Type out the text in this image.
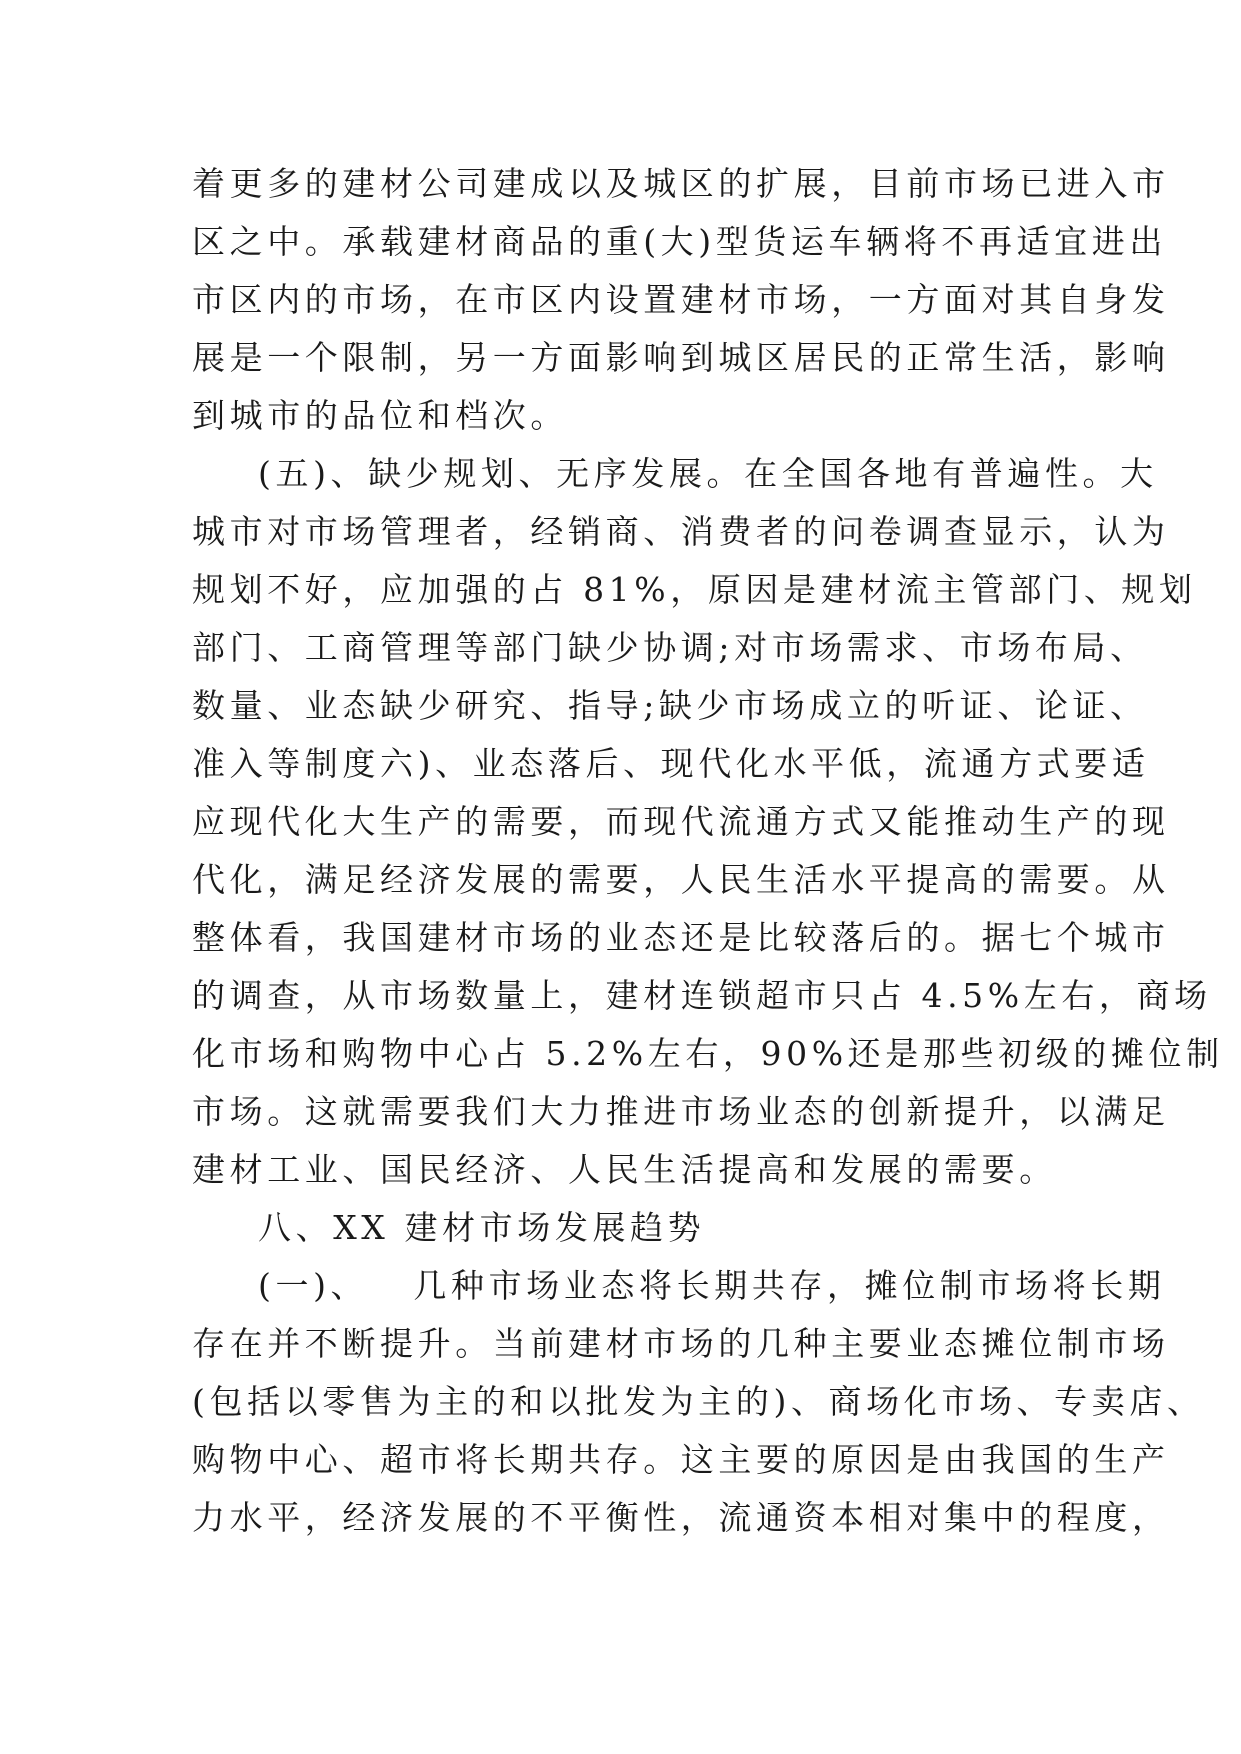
着更多的建材公司建成以及城区的扩展，目前市场已进入市
区之中。承载建材商品的重(大)型货运车辆将不再适宜进出
市区内的市场，在市区内设置建材市场，一方面对其自身发
展是一个限制，另一方面影响到城区居民的正常生活，影响
到城市的品位和档次。
(五)、缺少规划、无序发展。在全国各地有普遍性。大
城市对市场管理者，经销商、消费者的问卷调查显示，认为
规划不好，应加强的占 81%，原因是建材流主管部门、规划
部门、工商管理等部门缺少协调;对市场需求、市场布局、
数量、业态缺少研究、指导;缺少市场成立的听证、论证、
准入等制度六)、业态落后、现代化水平低，流通方式要适
应现代化大生产的需要，而现代流通方式又能推动生产的现
代化，满足经济发展的需要，人民生活水平提高的需要。从
整体看，我国建材市场的业态还是比较落后的。据七个城市
的调查，从市场数量上，建材连锁超市只占 4.5%左右，商场
化市场和购物中心占 5.2%左右，90%还是那些初级的摊位制
市场。这就需要我们大力推进市场业态的创新提升，以满足
建材工业、国民经济、人民生活提高和发展的需要。
八、XX 建材市场发展趋势
(一)、   几种市场业态将长期共存，摊位制市场将长期
存在并不断提升。当前建材市场的几种主要业态摊位制市场
(包括以零售为主的和以批发为主的)、商场化市场、专卖店、
购物中心、超市将长期共存。这主要的原因是由我国的生产
力水平，经济发展的不平衡性，流通资本相对集中的程度，
